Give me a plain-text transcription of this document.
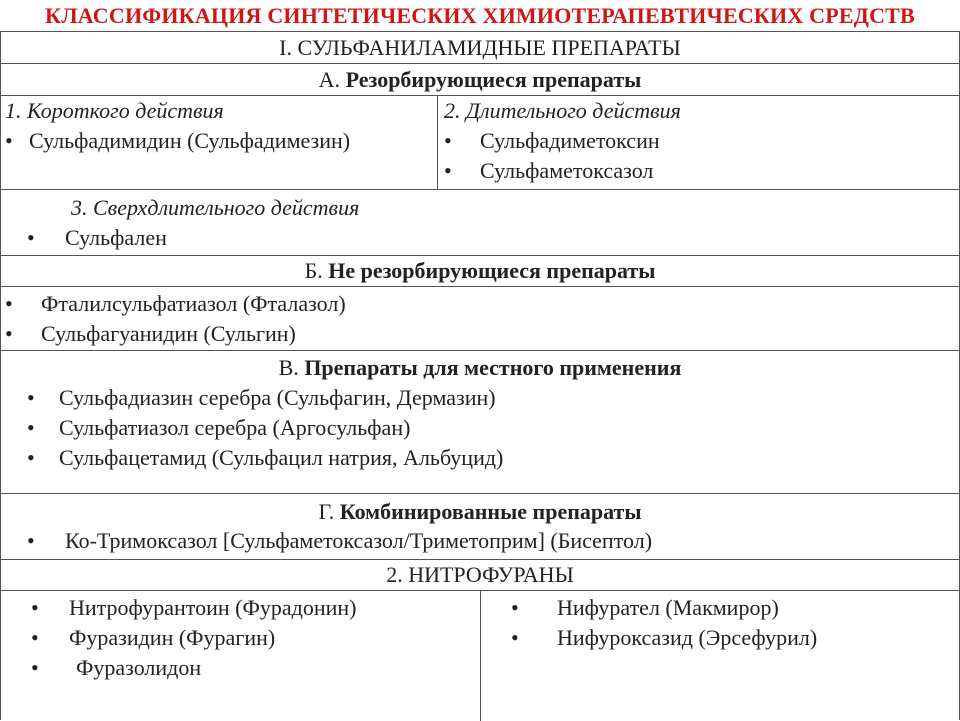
КЛАССИФИКАЦИЯ СИНТЕТИЧЕСКИХ ХИМИОТЕРАПЕВТИЧЕСКИХ СРЕДСТВ
I. СУЛЬФАНИЛАМИДНЫЕ ПРЕПАРАТЫ
А. Резорбирующиеся препараты
1. Короткого действия
• Сульфадимидин (Сульфадимезин)
2. Длительного действия
• Сульфадиметоксин
• Сульфаметоксазол
3. Сверхдлительного действия
• Сульфален
Б. Не резорбирующиеся препараты
• Фталилсульфатиазол (Фталазол)
• Сульфагуанидин (Сульгин)
В. Препараты для местного применения
• Сульфадиазин серебра (Сульфагин, Дермазин)
• Сульфатиазол серебра (Аргосульфан)
• Сульфацетамид (Сульфацил натрия, Альбуцид)
Г. Комбинированные препараты
• Ко-Тримоксазол [Сульфаметоксазол/Триметоприм] (Бисептол)
2. НИТРОФУРАНЫ
• Нитрофурантоин (Фурадонин)
• Фуразидин (Фурагин)
• Фуразолидон
• Нифурател (Макмирор)
• Нифуроксазид (Эрсефурил)
